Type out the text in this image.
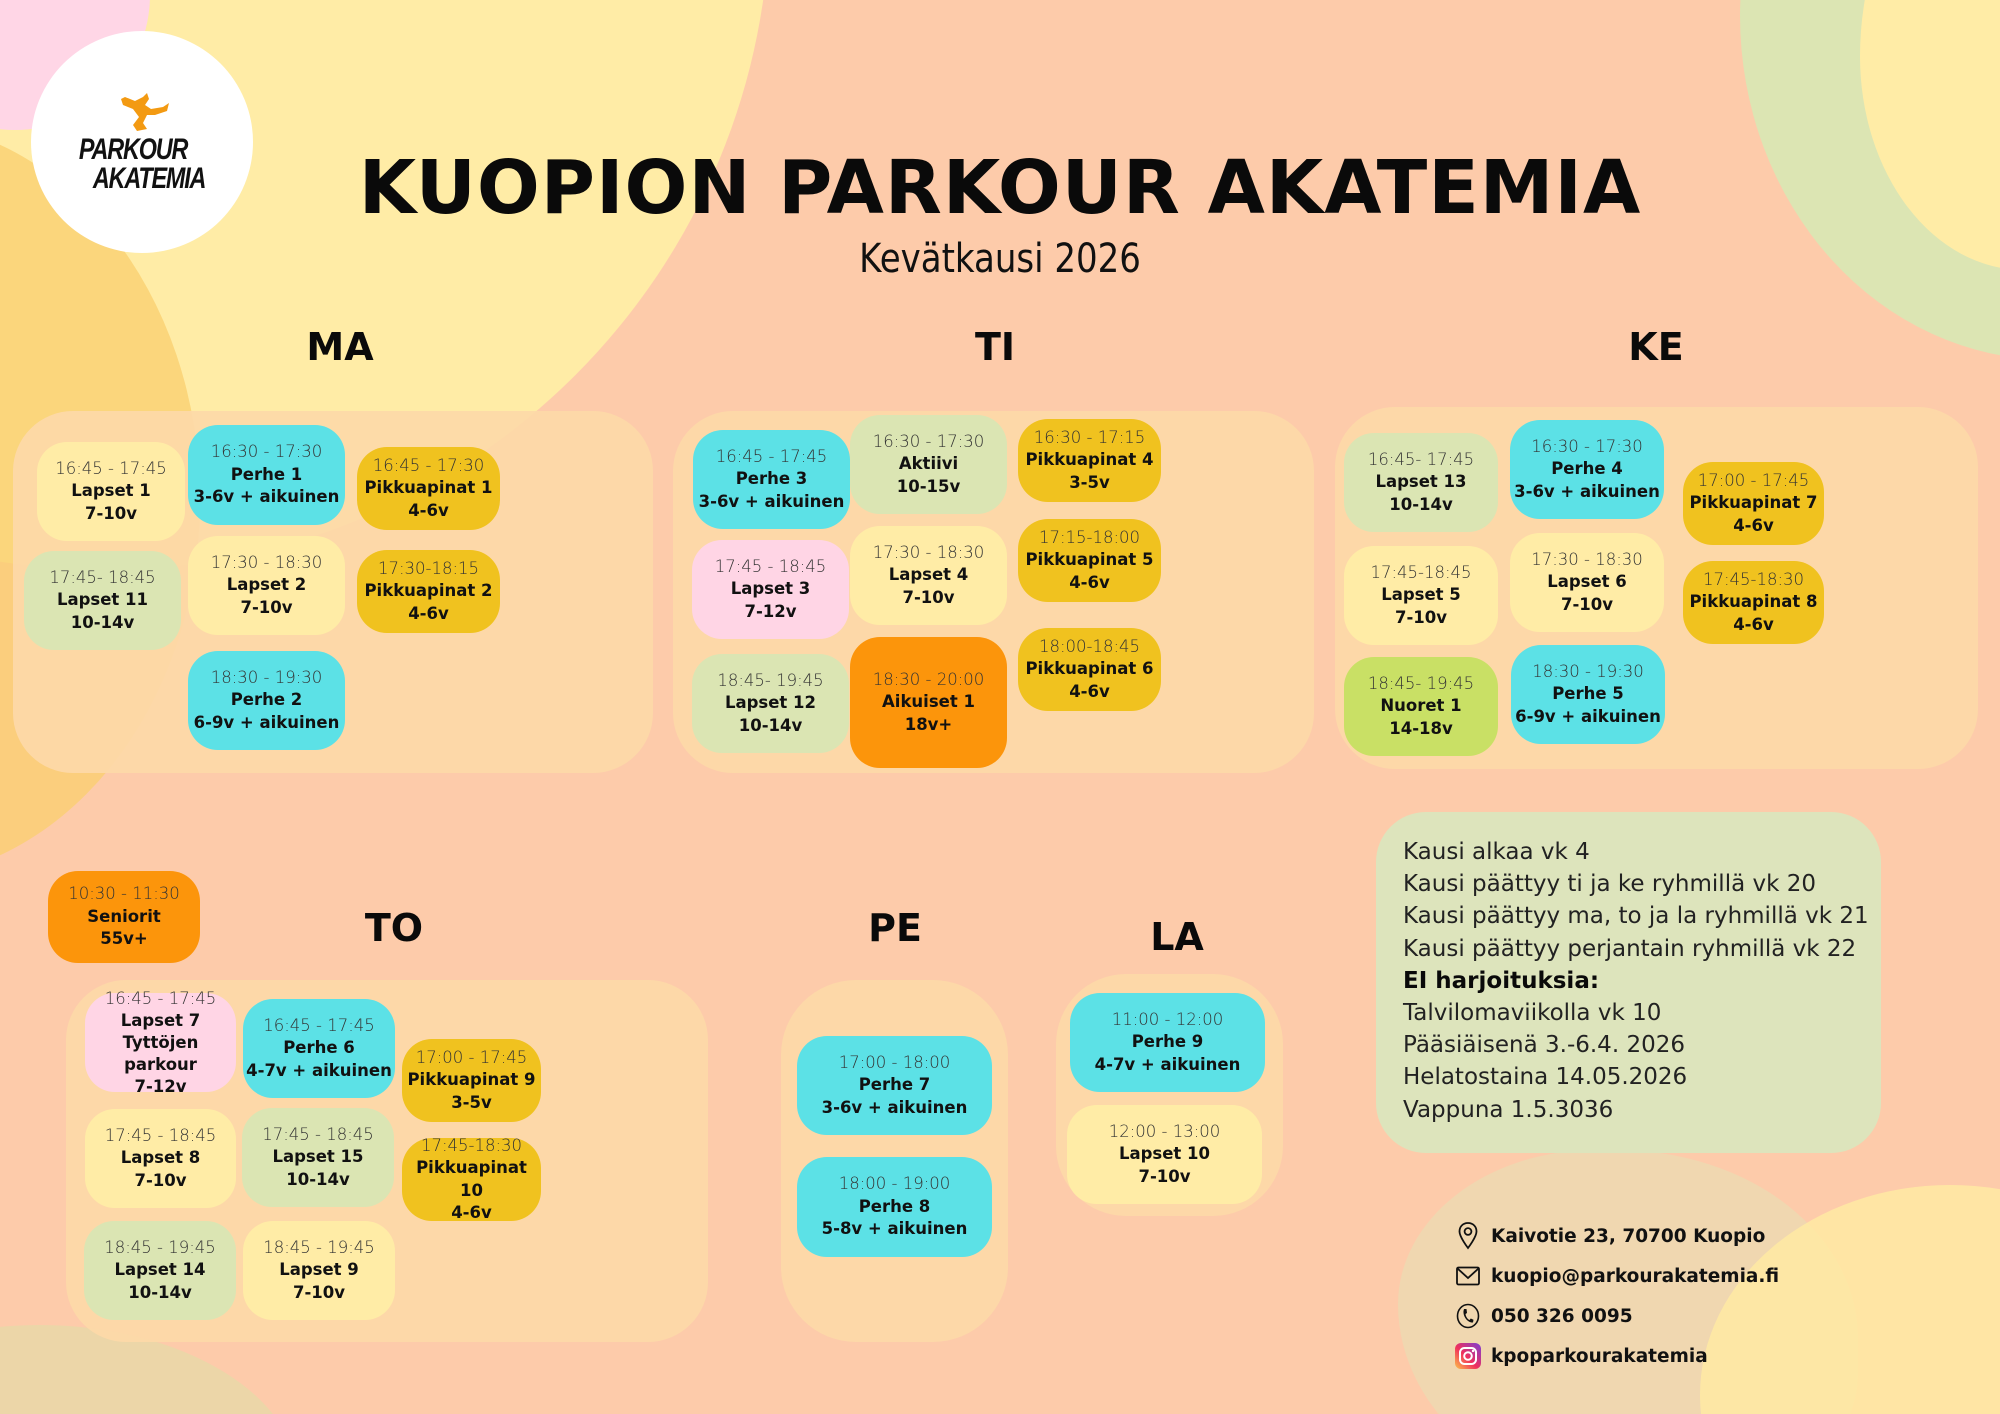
PARKOUR
AKATEMIA	KUOPION PARKOUR AKATEMIA
Kevätkausi 2026
MA	TI	KE
TO	PE	LA
16:45 - 17:45
Lapset 1
7-10v
17:45- 18:45
Lapset 11
10-14v
16:30 - 17:30
Perhe 1
3-6v + aikuinen
17:30 - 18:30
Lapset 2
7-10v
18:30 - 19:30
Perhe 2
6-9v + aikuinen
16:45 - 17:30
Pikkuapinat 1
4-6v
17:30-18:15
Pikkuapinat 2
4-6v
16:45 - 17:45
Perhe 3
3-6v + aikuinen
17:45 - 18:45
Lapset 3
7-12v
18:45- 19:45
Lapset 12
10-14v
16:30 - 17:30
Aktiivi
10-15v
17:30 - 18:30
Lapset 4
7-10v
18:30 - 20:00
Aikuiset 1
18v+
16:30 - 17:15
Pikkuapinat 4
3-5v
17:15-18:00
Pikkuapinat 5
4-6v
18:00-18:45
Pikkuapinat 6
4-6v
16:45- 17:45
Lapset 13
10-14v
17:45-18:45
Lapset 5
7-10v
18:45- 19:45
Nuoret 1
14-18v
16:30 - 17:30
Perhe 4
3-6v + aikuinen
17:30 - 18:30
Lapset 6
7-10v
18:30 - 19:30
Perhe 5
6-9v + aikuinen
17:00 - 17:45
Pikkuapinat 7
4-6v
17:45-18:30
Pikkuapinat 8
4-6v
10:30 - 11:30
Seniorit
55v+
16:45 - 17:45
Lapset 7
Tyttöjen parkour
7-12v
17:45 - 18:45
Lapset 8
7-10v
18:45 - 19:45
Lapset 14
10-14v
16:45 - 17:45
Perhe 6
4-7v + aikuinen
17:45 - 18:45
Lapset 15
10-14v
18:45 - 19:45
Lapset 9
7-10v
17:00 - 17:45
Pikkuapinat 9
3-5v
17:45-18:30
Pikkuapinat 10
4-6v
17:00 - 18:00
Perhe 7
3-6v + aikuinen
18:00 - 19:00
Perhe 8
5-8v + aikuinen
11:00 - 12:00
Perhe 9
4-7v + aikuinen
12:00 - 13:00
Lapset 10
7-10v
Kausi alkaa vk 4
Kausi päättyy ti ja ke ryhmillä vk 20
Kausi päättyy ma, to ja la ryhmillä vk 21
Kausi päättyy perjantain ryhmillä vk 22
EI harjoituksia:
Talvilomaviikolla vk 10
Pääsiäisenä 3.-6.4. 2026
Helatostaina 14.05.2026
Vappuna 1.5.3036
Kaivotie 23, 70700 Kuopio
kuopio@parkourakatemia.fi
050 326 0095
kpoparkourakatemia
